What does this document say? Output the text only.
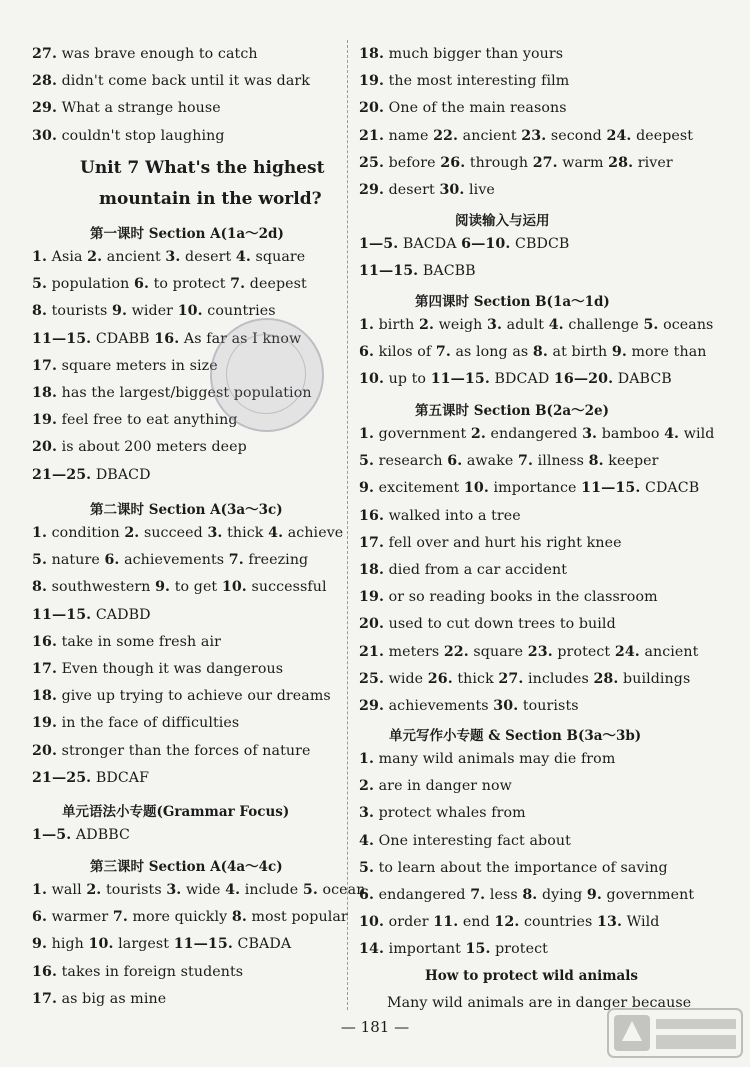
27. was brave enough to catch
28. didn't come back until it was dark
29. What a strange house
30. couldn't stop laughing
Unit 7 What's the highest
mountain in the world?
第一课时 Section A(1a～2d)
1. Asia 2. ancient 3. desert 4. square
5. population 6. to protect 7. deepest
8. tourists 9. wider 10. countries
11—15. CDABB 16. As far as I know
17. square meters in size
18. has the largest/biggest population
19. feel free to eat anything
20. is about 200 meters deep
21—25. DBACD
第二课时 Section A(3a～3c)
1. condition 2. succeed 3. thick 4. achieve
5. nature 6. achievements 7. freezing
8. southwestern 9. to get 10. successful
11—15. CADBD
16. take in some fresh air
17. Even though it was dangerous
18. give up trying to achieve our dreams
19. in the face of difficulties
20. stronger than the forces of nature
21—25. BDCAF
单元语法小专题(Grammar Focus)
1—5. ADBBC
第三课时 Section A(4a～4c)
1. wall 2. tourists 3. wide 4. include 5. ocean
6. warmer 7. more quickly 8. most popular
9. high 10. largest 11—15. CBADA
16. takes in foreign students
17. as big as mine
18. much bigger than yours
19. the most interesting film
20. One of the main reasons
21. name 22. ancient 23. second 24. deepest
25. before 26. through 27. warm 28. river
29. desert 30. live
阅读输入与运用
1—5. BACDA 6—10. CBDCB
11—15. BACBB
第四课时 Section B(1a～1d)
1. birth 2. weigh 3. adult 4. challenge 5. oceans
6. kilos of 7. as long as 8. at birth 9. more than
10. up to 11—15. BDCAD 16—20. DABCB
第五课时 Section B(2a～2e)
1. government 2. endangered 3. bamboo 4. wild
5. research 6. awake 7. illness 8. keeper
9. excitement 10. importance 11—15. CDACB
16. walked into a tree
17. fell over and hurt his right knee
18. died from a car accident
19. or so reading books in the classroom
20. used to cut down trees to build
21. meters 22. square 23. protect 24. ancient
25. wide 26. thick 27. includes 28. buildings
29. achievements 30. tourists
单元写作小专题 & Section B(3a～3b)
1. many wild animals may die from
2. are in danger now
3. protect whales from
4. One interesting fact about
5. to learn about the importance of saving
6. endangered 7. less 8. dying 9. government
10. order 11. end 12. countries 13. Wild
14. important 15. protect
How to protect wild animals
Many wild animals are in danger because
— 181 —
